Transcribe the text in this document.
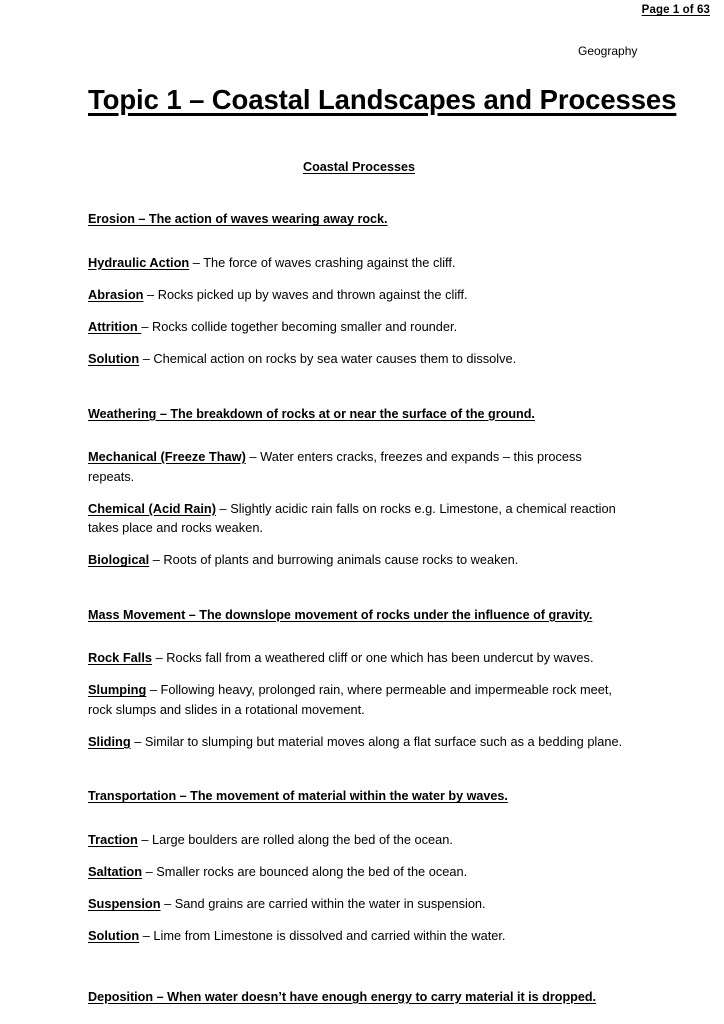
Page 1 of 63
Geography
Topic 1 – Coastal Landscapes and Processes
Coastal Processes
Erosion – The action of waves wearing away rock.

Hydraulic Action – The force of waves crashing against the cliff.

Abrasion – Rocks picked up by waves and thrown against the cliff.

Attrition – Rocks collide together becoming smaller and rounder.

Solution – Chemical action on rocks by sea water causes them to dissolve.

Weathering – The breakdown of rocks at or near the surface of the ground.

Mechanical (Freeze Thaw) – Water enters cracks, freezes and expands – this process repeats.

Chemical (Acid Rain) – Slightly acidic rain falls on rocks e.g. Limestone, a chemical reaction takes place and rocks weaken.

Biological – Roots of plants and burrowing animals cause rocks to weaken.

Mass Movement – The downslope movement of rocks under the influence of gravity.

Rock Falls – Rocks fall from a weathered cliff or one which has been undercut by waves.

Slumping – Following heavy, prolonged rain, where permeable and impermeable rock meet, rock slumps and slides in a rotational movement.

Sliding – Similar to slumping but material moves along a flat surface such as a bedding plane.

Transportation – The movement of material within the water by waves.

Traction – Large boulders are rolled along the bed of the ocean.

Saltation – Smaller rocks are bounced along the bed of the ocean.

Suspension – Sand grains are carried within the water in suspension.

Solution – Lime from Limestone is dissolved and carried within the water.

Deposition – When water doesn’t have enough energy to carry material it is dropped.
